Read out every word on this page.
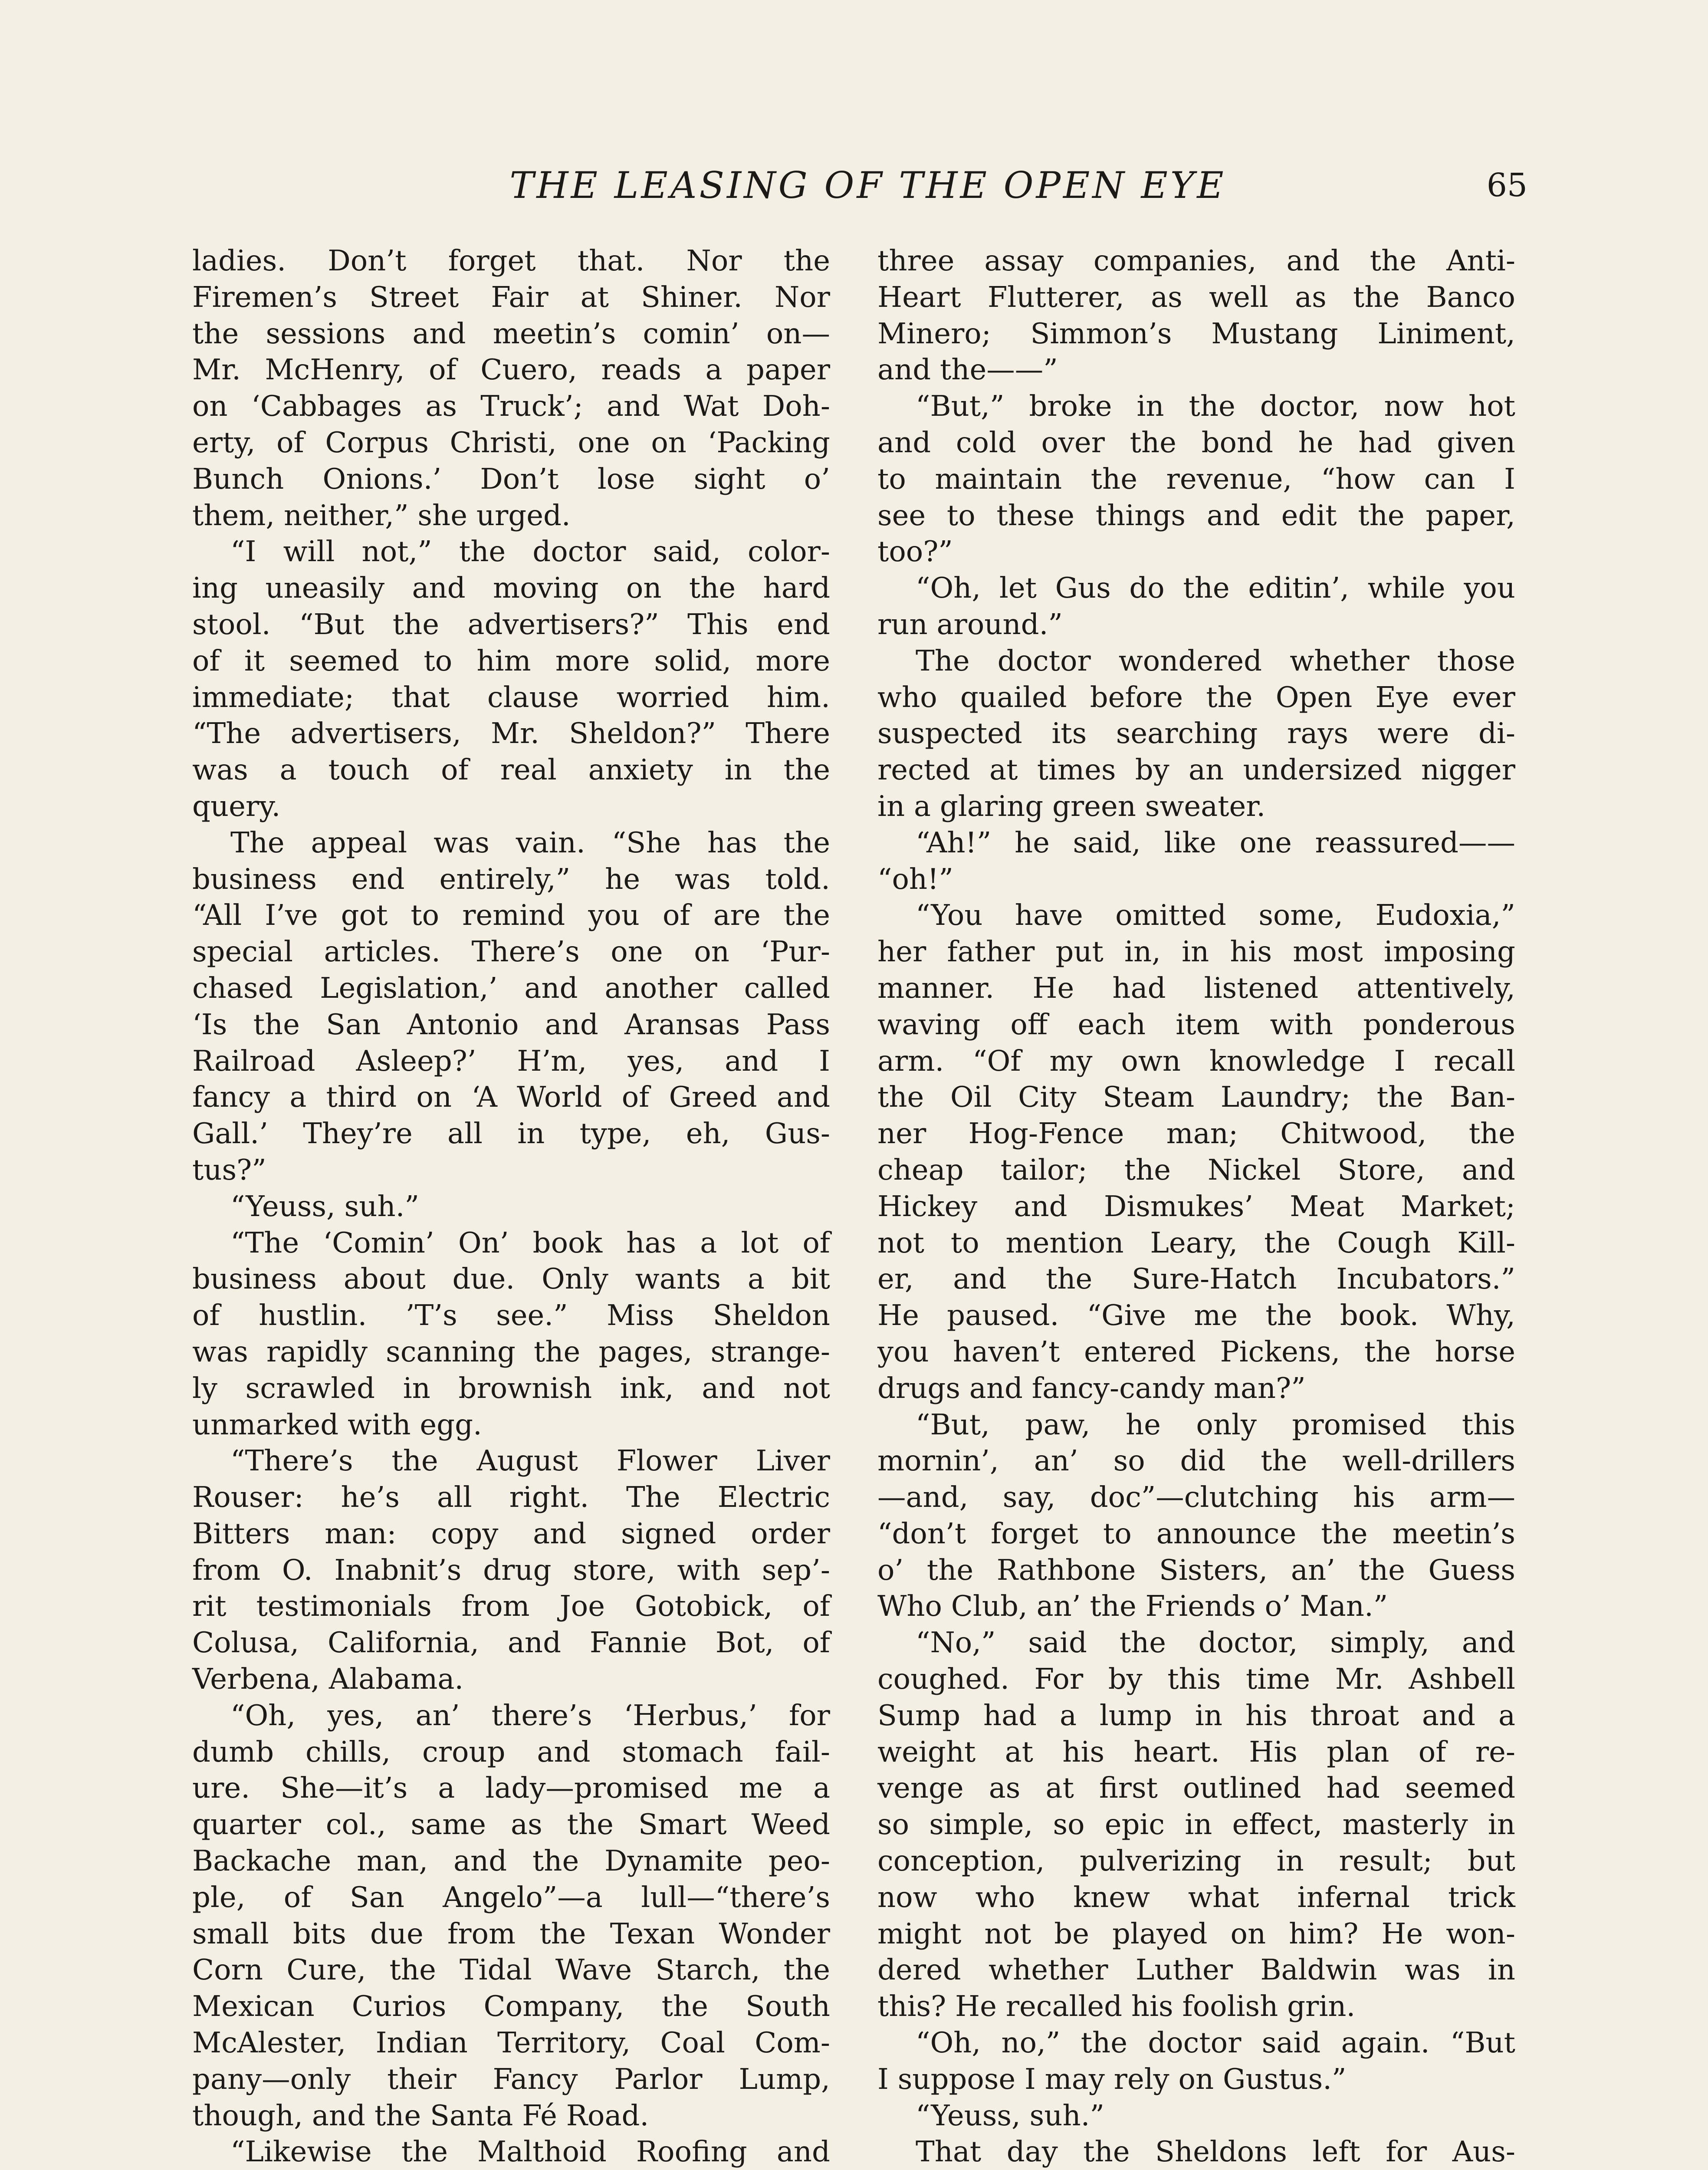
THE LEASING OF THE OPEN EYE	65
ladies. Don’t forget that. Nor the
Firemen’s Street Fair at Shiner. Nor
the sessions and meetin’s comin’ on—
Mr. McHenry, of Cuero, reads a paper
on ‘Cabbages as Truck’; and Wat Doh-
erty, of Corpus Christi, one on ‘Packing
Bunch Onions.’ Don’t lose sight o’
them, neither,” she urged.
“I will not,” the doctor said, color-
ing uneasily and moving on the hard
stool. “But the advertisers?” This end
of it seemed to him more solid, more
immediate; that clause worried him.
“The advertisers, Mr. Sheldon?” There
was a touch of real anxiety in the
query.
The appeal was vain. “She has the
business end entirely,” he was told.
“All I’ve got to remind you of are the
special articles. There’s one on ‘Pur-
chased Legislation,’ and another called
‘Is the San Antonio and Aransas Pass
Railroad Asleep?’ H’m, yes, and I
fancy a third on ‘A World of Greed and
Gall.’ They’re all in type, eh, Gus-
tus?”
“Yeuss, suh.”
“The ‘Comin’ On’ book has a lot of
business about due. Only wants a bit
of hustlin. ’T’s see.” Miss Sheldon
was rapidly scanning the pages, strange-
ly scrawled in brownish ink, and not
unmarked with egg.
“There’s the August Flower Liver
Rouser: he’s all right. The Electric
Bitters man: copy and signed order
from O. Inabnit’s drug store, with sep’-
rit testimonials from Joe Gotobick, of
Colusa, California, and Fannie Bot, of
Verbena, Alabama.
“Oh, yes, an’ there’s ‘Herbus,’ for
dumb chills, croup and stomach fail-
ure. She—it’s a lady—promised me a
quarter col., same as the Smart Weed
Backache man, and the Dynamite peo-
ple, of San Angelo”—a lull—“there’s
small bits due from the Texan Wonder
Corn Cure, the Tidal Wave Starch, the
Mexican Curios Company, the South
McAlester, Indian Territory, Coal Com-
pany—only their Fancy Parlor Lump,
though, and the Santa Fé Road.
“Likewise the Malthoid Roofing and
three assay companies, and the Anti-
Heart Flutterer, as well as the Banco
Minero; Simmon’s Mustang Liniment,
and the——”
“But,” broke in the doctor, now hot
and cold over the bond he had given
to maintain the revenue, “how can I
see to these things and edit the paper,
too?”
“Oh, let Gus do the editin’, while you
run around.”
The doctor wondered whether those
who quailed before the Open Eye ever
suspected its searching rays were di-
rected at times by an undersized nigger
in a glaring green sweater.
“Ah!” he said, like one reassured——
“oh!”
“You have omitted some, Eudoxia,”
her father put in, in his most imposing
manner. He had listened attentively,
waving off each item with ponderous
arm. “Of my own knowledge I recall
the Oil City Steam Laundry; the Ban-
ner Hog-Fence man; Chitwood, the
cheap tailor; the Nickel Store, and
Hickey and Dismukes’ Meat Market;
not to mention Leary, the Cough Kill-
er, and the Sure-Hatch Incubators.”
He paused. “Give me the book. Why,
you haven’t entered Pickens, the horse
drugs and fancy-candy man?”
“But, paw, he only promised this
mornin’, an’ so did the well-drillers
—and, say, doc”—clutching his arm—
“don’t forget to announce the meetin’s
o’ the Rathbone Sisters, an’ the Guess
Who Club, an’ the Friends o’ Man.”
“No,” said the doctor, simply, and
coughed. For by this time Mr. Ashbell
Sump had a lump in his throat and a
weight at his heart. His plan of re-
venge as at first outlined had seemed
so simple, so epic in effect, masterly in
conception, pulverizing in result; but
now who knew what infernal trick
might not be played on him? He won-
dered whether Luther Baldwin was in
this? He recalled his foolish grin.
“Oh, no,” the doctor said again. “But
I suppose I may rely on Gustus.”
“Yeuss, suh.”
That day the Sheldons left for Aus-
